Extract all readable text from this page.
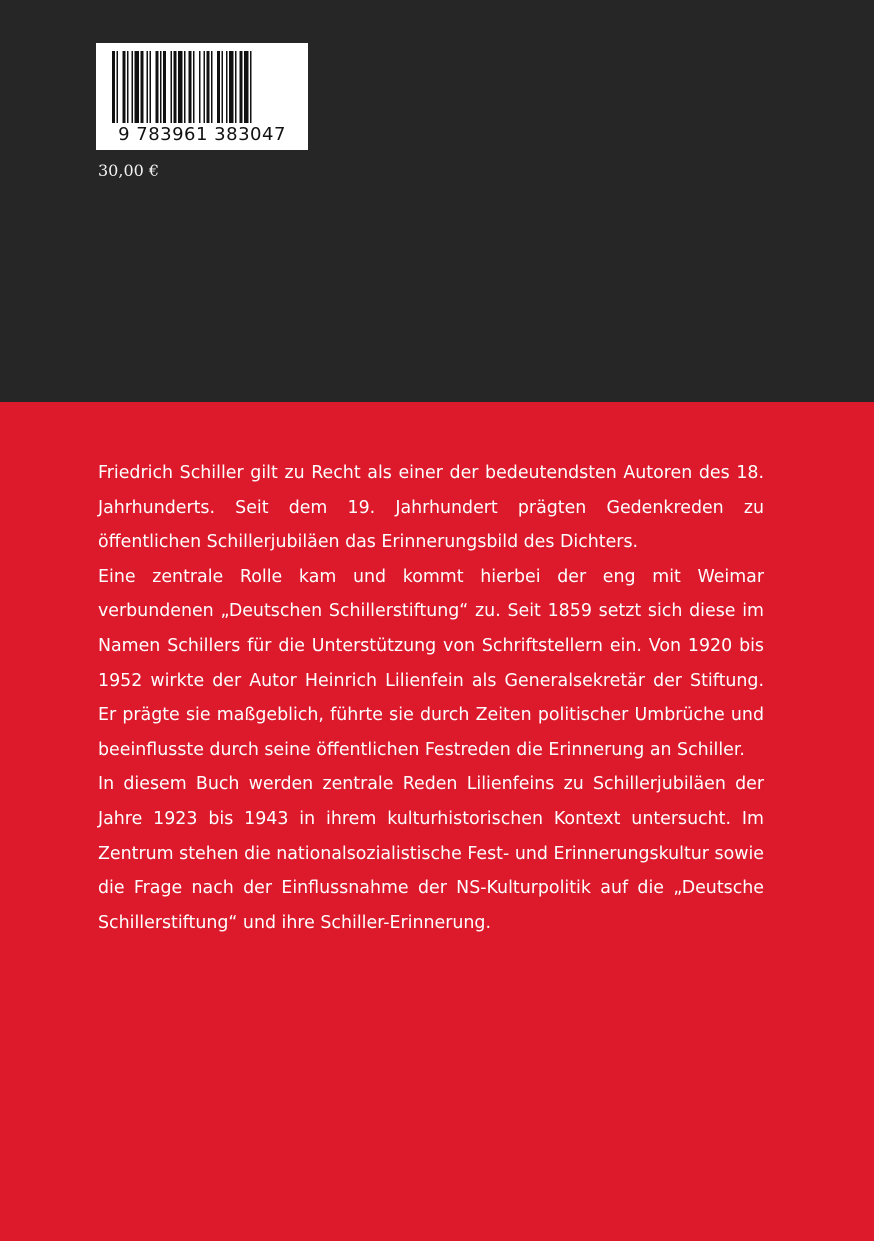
9 783961 383047
30,00 €

Friedrich Schiller gilt zu Recht als einer der bedeutendsten Autoren des 18. Jahrhunderts. Seit dem 19. Jahrhundert prägten Gedenkreden zu öffentlichen Schillerjubiläen das Erinnerungsbild des Dichters.

Eine zentrale Rolle kam und kommt hierbei der eng mit Weimar verbundenen „Deutschen Schillerstiftung“ zu. Seit 1859 setzt sich diese im Namen Schillers für die Unterstützung von Schriftstellern ein. Von 1920 bis 1952 wirkte der Autor Heinrich Lilienfein als Generalsekretär der Stiftung. Er prägte sie maßgeblich, führte sie durch Zeiten politischer Umbrüche und beeinflusste durch seine öffentlichen Festreden die Erinnerung an Schiller.

In diesem Buch werden zentrale Reden Lilienfeins zu Schillerjubiläen der Jahre 1923 bis 1943 in ihrem kulturhistorischen Kontext untersucht. Im Zentrum stehen die nationalsozialistische Fest- und Erinnerungskultur sowie die Frage nach der Einflussnahme der NS-Kulturpolitik auf die „Deutsche Schillerstiftung“ und ihre Schiller-Erinnerung.
